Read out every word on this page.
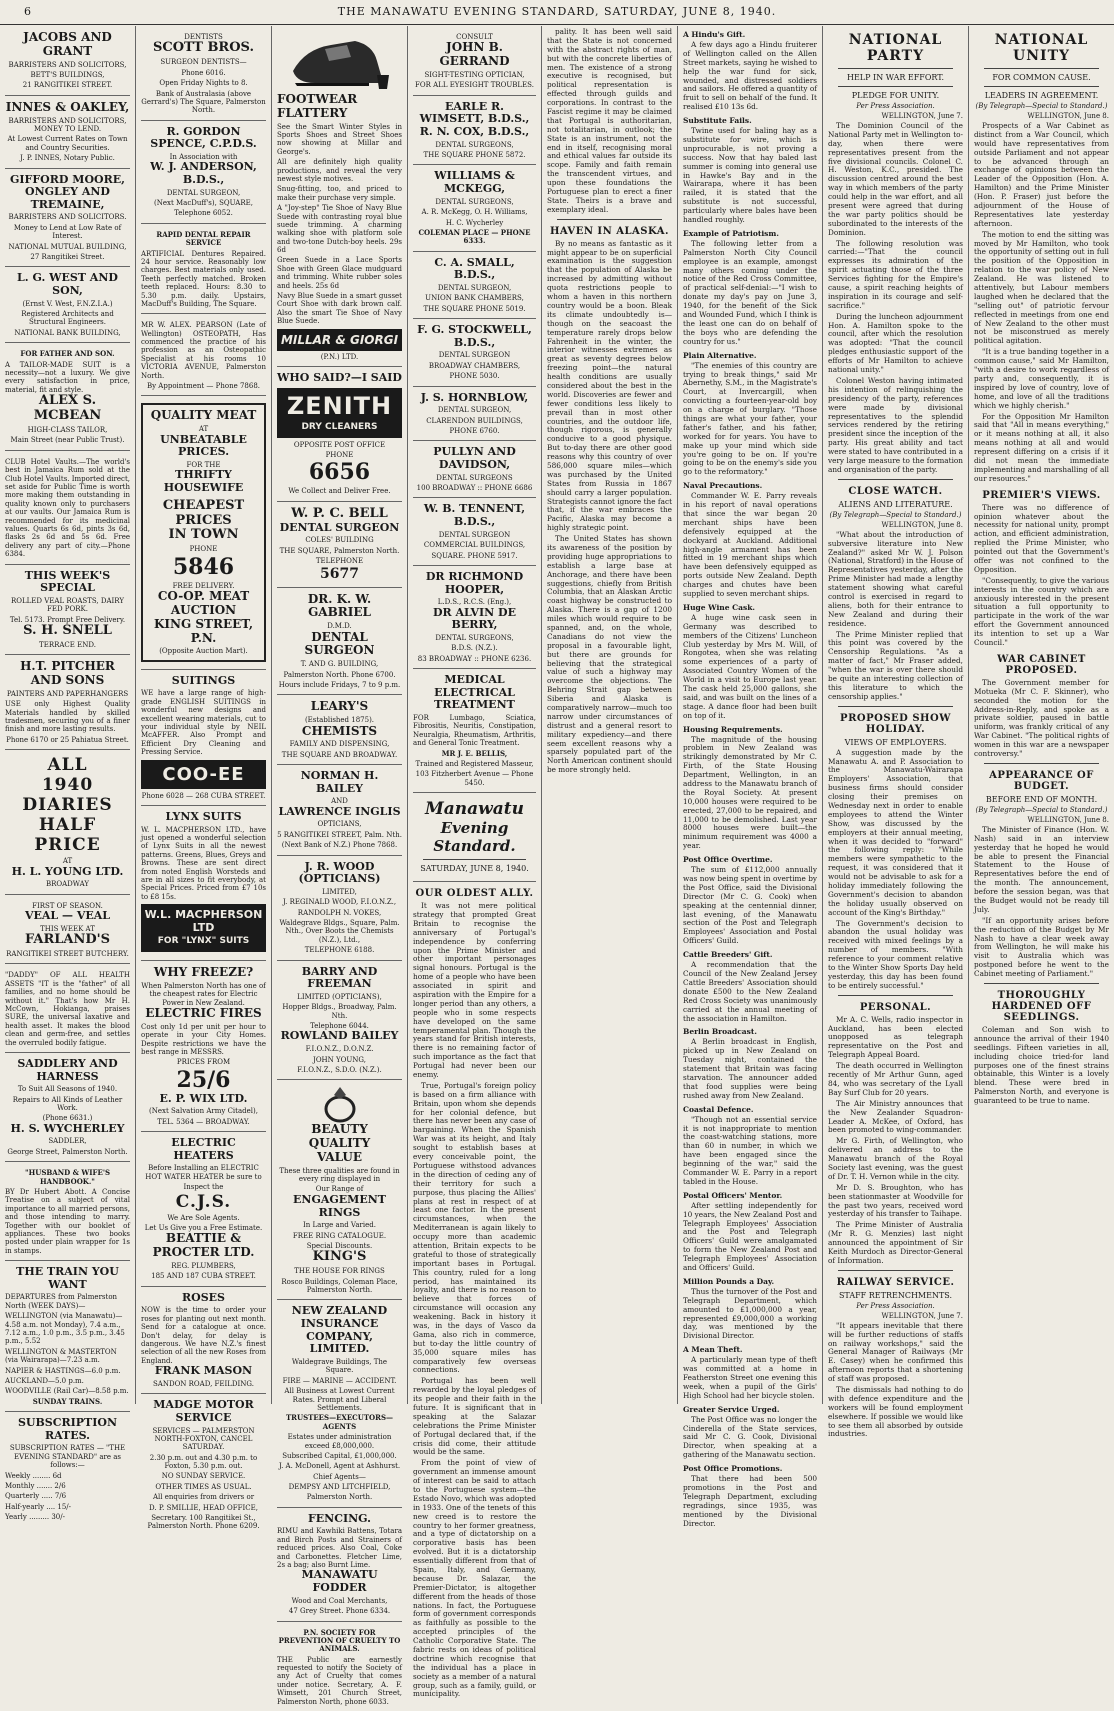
6	THE MANAWATU EVENING STANDARD, SATURDAY, JUNE 8, 1940.
JACOBS AND GRANT
BARRISTERS AND SOLICITORS,
BETT'S BUILDINGS,
21 RANGITIKEI STREET.
INNES & OAKLEY,
BARRISTERS AND SOLICITORS, MONEY TO LEND.
At Lowest Current Rates on Town and Country Securities.
J. P. INNES, Notary Public.
GIFFORD MOORE, ONGLEY AND TREMAINE,
BARRISTERS AND SOLICITORS.
Money to Lend at Low Rate of Interest.
NATIONAL MUTUAL BUILDING,
27 Rangitikei Street.
L. G. WEST AND SON,
(Ernst V. West, F.N.Z.I.A.)
Registered Architects and Structural Engineers.
NATIONAL BANK BUILDING,
FOR FATHER AND SON.
A TAILOR-MADE SUIT is a necessity—not a luxury. We give every satisfaction in price, material, fit and style.
ALEX S. MCBEAN
HIGH-CLASS TAILOR,
Main Street (near Public Trust).
CLUB Hotel Vaults.—The world's best in Jamaica Rum sold at the Club Hotel Vaults. Imported direct, set aside for Public Time is worth more making them outstanding in quality known only to purchasers at our vaults. Our Jamaica Rum is recommended for its medicinal values. Quarts 6s 6d, pints 3s 6d, flasks 2s 6d and 5s 6d. Free delivery any part of city.—Phone 6384.
THIS WEEK'S SPECIAL
ROLLED VEAL ROASTS, DAIRY FED PORK.
Tel. 5173. Prompt Free Delivery.
S. H. SNELL
TERRACE END.
H.T. PITCHER AND SONS
PAINTERS AND PAPERHANGERS
USE only Highest Quality Materials handled by skilled tradesmen, securing you of a finer finish and more lasting results.
Phone 6170 or 25 Pahiatua Street.
ALL
1940
DIARIES
HALF
PRICE
AT
H. L. YOUNG LTD.
BROADWAY
FIRST OF SEASON.
VEAL — VEAL
THIS WEEK AT
FARLAND'S
RANGITIKEI STREET BUTCHERY.
"DADDY" OF ALL HEALTH ASSETS "IT is the "father" of all families, and no home should be without it." That's how Mr H. McCown, Hokianga, praises SURE, the universal laxative and health asset. It makes the blood clean and germ-free, and settles the overruled bodily fatigue.
SADDLERY AND HARNESS
To Suit All Seasons of 1940.
Repairs to All Kinds of Leather Work.
(Phone 6631.)
H. S. WYCHERLEY
SADDLER,
George Street, Palmerston North.
"HUSBAND & WIFE'S HANDBOOK."
BY Dr Hubert Abott. A Concise Treatise on a subject of vital importance to all married persons, and those intending to marry. Together with our booklet of appliances. These two books posted under plain wrapper for 1s in stamps.
THE TRAIN YOU WANT
DEPARTURES from Palmerston North (WEEK DAYS)—
WELLINGTON (via Manawatu)—4.58 a.m. not Monday), 7.4 a.m., 7.12 a.m., 1.0 p.m., 3.5 p.m., 3.45 p.m., 5.52
WELLINGTON & MASTERTON (via Wairarapa)—7.23 a.m.
NAPIER & HASTINGS—6.0 p.m.
AUCKLAND—5.0 p.m.
WOODVILLE (Rail Car)—8.58 p.m.
SUNDAY TRAINS.
SUBSCRIPTION RATES.
SUBSCRIPTION RATES — "THE EVENING STANDARD" are as follows:—
Weekly ........ 6d
Monthly ....... 2/6
Quarterly ..... 7/6
Half-yearly .... 15/-
Yearly ......... 30/-
DENTISTS
SCOTT BROS.
SURGEON DENTISTS—
Phone 6016.
Open Friday Nights to 8.
Bank of Australasia (above Gerrard's) The Square, Palmerston North.
R. GORDON SPENCE, C.P.D.S.
In Association with
W. J. ANDERSON, B.D.S.,
DENTAL SURGEON,
(Next MacDuff's), SQUARE,
Telephone 6052.
RAPID DENTAL REPAIR SERVICE
ARTIFICIAL Dentures Repaired. 24 hour service. Reasonably low charges. Best materials only used. Teeth perfectly matched. Broken teeth replaced. Hours: 8.30 to 5.30 p.m. daily. Upstairs, MacDuff's Building, The Square.
MR W. ALEX. PEARSON (Late of Wellington) OSTEOPATH, Has commenced the practice of his profession as an Osteopathic Specialist at his rooms 10 VICTORIA AVENUE, Palmerston North.
By Appointment — Phone 7868.
QUALITY MEAT
AT
UNBEATABLE PRICES.
FOR THE
THRIFTY HOUSEWIFE
CHEAPEST
PRICES
IN TOWN
PHONE
5846
FREE DELIVERY.
CO-OP. MEAT AUCTION
KING STREET, P.N.
(Opposite Auction Mart).
SUITINGS
WE have a large range of high-grade ENGLISH SUITINGS in wonderful new designs and excellent wearing materials, cut to your individual style by NEIL McAFFER. Also Prompt and Efficient Dry Cleaning and Pressing Service.
COO-EE
Phone 6028 — 268 CUBA STREET.
LYNX SUITS
W. L. MACPHERSON LTD., have just opened a wonderful selection of Lynx Suits in all the newest patterns. Greens, Blues, Greys and Browns. These are sent direct from noted English Worsteds and are in all sizes to fit everybody, at Special Prices. Priced from £7 10s to £8 15s.
W.L. MACPHERSON LTD
FOR "LYNX" SUITS
WHY FREEZE?
When Palmerston North has one of the cheapest rates for Electric Power in New Zealand.
ELECTRIC FIRES
Cost only 1d per unit per hour to operate in your City Homes. Despite restrictions we have the best range in MESSRS.
PRICES FROM
25/6
E. P. WIX LTD.
(Next Salvation Army Citadel),
TEL. 5364 — BROADWAY.
ELECTRIC HEATERS
Before Installing an ELECTRIC HOT WATER HEATER be sure to
Inspect the
C.J.S.
We Are Sole Agents.
Let Us Give you a Free Estimate.
BEATTIE & PROCTER LTD.
REG. PLUMBERS,
185 AND 187 CUBA STREET.
ROSES
NOW is the time to order your roses for planting out next month. Send for a catalogue at once. Don't delay, for delay is dangerous. We have N.Z.'s finest selection of all the new Roses from England.
FRANK MASON
SANDON ROAD, FEILDING.
MADGE MOTOR SERVICE
SERVICES — PALMERSTON NORTH-FOXTON, CANCEL SATURDAY.
2.30 p.m. out and 4.30 p.m. to Foxton, 5.30 p.m. out.
NO SUNDAY SERVICE.
OTHER TIMES AS USUAL.
All enquiries from drivers or
D. P. SMILLIE, HEAD OFFICE,
Secretary. 100 Rangitikei St., Palmerston North. Phone 6209.
FOOTWEAR
FLATTERY
See the Smart Winter Styles in Sports Shoes and Street Shoes now showing at Millar and George's.
All are definitely high quality productions, and reveal the very newest style motives.
Snug-fitting, too, and priced to make their purchase very simple.
A "Joy-step" Tie Shoe of Navy Blue Suede with contrasting royal blue suede trimming. A charming walking shoe with platform sole and two-tone Dutch-boy heels. 29s 6d
Green Suede in a Lace Sports Shoe with Green Glace mudguard and trimming. White rubber soles and heels. 25s 6d
Navy Blue Suede in a smart gusset Court Shoe with dark brown calf. Also the smart Tie Shoe of Navy Blue Suede.
MILLAR & GIORGI
(P.N.) LTD.
WHO SAID?—I SAID
ZENITH
DRY CLEANERS
OPPOSITE POST OFFICE
PHONE
6656
We Collect and Deliver Free.
W. P. C. BELL
DENTAL SURGEON
COLES' BUILDING
THE SQUARE, Palmerston North.
TELEPHONE
5677
DR. K. W. GABRIEL
D.M.D.
DENTAL SURGEON
T. AND G. BUILDING,
Palmerston North. Phone 6700.
Hours include Fridays, 7 to 9 p.m.
LEARY'S
(Established 1875).
CHEMISTS
FAMILY AND DISPENSING,
THE SQUARE AND BROADWAY.
NORMAN H. BAILEY
AND
LAWRENCE INGLIS
OPTICIANS,
5 RANGITIKEI STREET, Palm. Nth.
(Next Bank of N.Z.) Phone 7868.
J. R. WOOD (OPTICIANS)
LIMITED,
J. REGINALD WOOD, F.I.O.N.Z.,
RANDOLPH N. VOKES,
Waldegrave Bldgs., Square, Palm. Nth., Over Boots the Chemists (N.Z.), Ltd.,
TELEPHONE 6188.
BARRY AND FREEMAN
LIMITED (OPTICIANS),
Hopper Bldgs., Broadway, Palm. Nth.
Telephone 6044.
ROWLAND BAILEY
F.I.O.N.Z., D.O.N.Z.
JOHN YOUNG,
F.I.O.N.Z., S.D.O. (N.Z.).
BEAUTY
QUALITY
VALUE
These three qualities are found in every ring displayed in
Our Range of
ENGAGEMENT RINGS
In Large and Varied.
FREE RING CATALOGUE.
Special Discounts.
KING'S
THE HOUSE FOR RINGS
Rosco Buildings, Coleman Place, Palmerston North.
NEW ZEALAND INSURANCE COMPANY, LIMITED.
Waldegrave Buildings, The Square.
FIRE — MARINE — ACCIDENT.
All Business at Lowest Current Rates. Prompt and Liberal Settlements.
TRUSTEES—EXECUTORS—AGENTS
Estates under administration exceed £8,000,000.
Subscribed Capital, £1,000,000.
J. A. McDonell, Agent at Ashhurst.
Chief Agents—
DEMPSY AND LITCHFIELD,
Palmerston North.
FENCING.
RIMU and Kawhiki Battens, Totara and Birch Posts and Strainers of reduced prices. Also Coal, Coke and Carbonettes. Fletcher Lime, 2s a bag; also Burnt Lime.
MANAWATU FODDER
Wood and Coal Merchants,
47 Grey Street. Phone 6334.
P.N. SOCIETY FOR PREVENTION OF CRUELTY TO ANIMALS.
THE Public are earnestly requested to notify the Society of any Act of Cruelty that comes under notice. Secretary, A. F. Wimsett, 201 Church Street, Palmerston North, phone 6033.
CONSULT
JOHN B. GERRAND
SIGHT-TESTING OPTICIAN,
FOR ALL EYESIGHT TROUBLES.
EARLE R. WIMSETT, B.D.S.,
R. N. COX, B.D.S.,
DENTAL SURGEONS,
THE SQUARE PHONE 5872.
WILLIAMS & MCKEGG,
DENTAL SURGEONS,
A. R. McKegg, O. H. Williams,
H. C. Wycherley
COLEMAN PLACE — PHONE 6333.
C. A. SMALL, B.D.S.,
DENTAL SURGEON,
UNION BANK CHAMBERS,
THE SQUARE PHONE 5019.
F. G. STOCKWELL, B.D.S.,
DENTAL SURGEON
BROADWAY CHAMBERS,
PHONE 5030.
J. S. HORNBLOW,
DENTAL SURGEON,
CLARENDON BUILDINGS,
PHONE 6760.
PULLYN AND DAVIDSON,
DENTAL SURGEONS
100 BROADWAY :: PHONE 6686
W. B. TENNENT, B.D.S.,
DENTAL SURGEON
COMMERCIAL BUILDINGS,
SQUARE. PHONE 5917.
DR RICHMOND HOOPER,
L.D.S., R.C.S. (Eng.),
DR ALVIN DE BERRY,
DENTAL SURGEONS,
B.D.S. (N.Z.).
83 BROADWAY :: PHONE 6236.
MEDICAL ELECTRICAL TREATMENT
FOR Lumbago, Sciatica, Fibrositis, Neuritis, Constipation, Neuralgia, Rheumatism, Arthritis, and General Tonic Treatment.
MR J. E. BELLIS,
Trained and Registered Masseur,
103 Fitzherbert Avenue — Phone 5450.
Manawatu
Evening Standard.
SATURDAY, JUNE 8, 1940.
OUR OLDEST ALLY.
It was not mere political strategy that prompted Great Britain to recognise the anniversary of Portugal's independence by conferring upon the Prime Minister and other important personages signal honours. Portugal is the home of a people who have been associated in spirit and aspiration with the Empire for a longer period than any others, a people who in some respects have developed on the same temperamental plan. Though the years stand for British interests, there is no remaining factor of such importance as the fact that Portugal had never been our enemy.
True, Portugal's foreign policy is based on a firm alliance with Britain, upon whom she depends for her colonial defence, but there has never been any case of bargaining. When the Spanish War was at its height, and Italy sought to establish bases at every conceivable point, the Portuguese withstood advances in the direction of ceding any of their territory for such a purpose, thus placing the Allies' plans at rest in respect of at least one factor. In the present circumstances, when the Mediterranean is again likely to occupy more than academic attention, Britain expects to be grateful to those of strategically important bases in Portugal. This country, ruled for a long period, has maintained its loyalty, and there is no reason to believe that forces of circumstance will occasion any weakening. Back in history it was, in the days of Vasco da Gama, also rich in commerce, but to-day the little country of 35,000 square miles has comparatively few overseas connections.
Portugal has been well rewarded by the loyal pledges of its people and their faith in the future. It is significant that in speaking at the Salazar celebrations the Prime Minister of Portugal declared that, if the crisis did come, their attitude would be the same.
From the point of view of government an immense amount of interest can be said to attach to the Portuguese system—the Estado Novo, which was adopted in 1933. One of the tenets of this new creed is to restore the country to her former greatness, and a type of dictatorship on a corporative basis has been evolved. But it is a dictatorship essentially different from that of Spain, Italy, and Germany, because Dr. Salazar, the Premier-Dictator, is altogether different from the heads of those nations. In fact, the Portuguese form of government corresponds as faithfully as possible to the accepted principles of the Catholic Corporative State. The fabric rests on ideas of political doctrine which recognise that the individual has a place in society as a member of a natural group, such as a family, guild, or municipality.
pality. It has been well said that the State is not concerned with the abstract rights of man, but with the concrete liberties of men. The existence of a strong executive is recognised, but political representation is effected through guilds and corporations. In contrast to the Fascist regime it may be claimed that Portugal is authoritarian, not totalitarian, in outlook; the State is an instrument, not the end in itself, recognising moral and ethical values far outside its scope. Family and faith remain the transcendent virtues, and upon these foundations the Portuguese plan to erect a finer State. Theirs is a brave and exemplary ideal.
HAVEN IN ALASKA.
By no means as fantastic as it might appear to be on superficial examination is the suggestion that the population of Alaska be increased by admitting without quota restrictions people to whom a haven in this northern country would be a boon. Bleak its climate undoubtedly is—though on the seacoast the temperature rarely drops below Fahrenheit in the winter, the interior witnesses extremes as great as seventy degrees below freezing point—the natural health conditions are usually considered about the best in the world. Discoveries are fewer and fewer conditions less likely to prevail than in most other countries, and the outdoor life, though rigorous, is generally conducive to a good physique. But to-day there are other good reasons why this country of over 586,000 square miles—which was purchased by the United States from Russia in 1867 should carry a larger population. Strategists cannot ignore the fact that, if the war embraces the Pacific, Alaska may become a highly strategic point.
The United States has shown its awareness of the position by providing huge appropriations to establish a large base at Anchorage, and there have been suggestions, chiefly from British Columbia, that an Alaskan Arctic coast highway be constructed to Alaska. There is a gap of 1200 miles which would require to be spanned, and, on the whole, Canadians do not view the proposal in a favourable light, but there are grounds for believing that the strategical value of such a highway may overcome the objections. The Behring Strait gap between Siberia and Alaska is comparatively narrow—much too narrow under circumstances of distrust and a general resort to military expediency—and there seem excellent reasons why a sparsely populated part of the North American continent should be more strongly held.
A Hindu's Gift.
A few days ago a Hindu fruiterer of Wellington called on the Allen Street markets, saying he wished to help the war fund for sick, wounded, and distressed soldiers and sailors. He offered a quantity of fruit to sell on behalf of the fund. It realised £10 13s 6d.
Substitute Fails.
Twine used for baling hay as a substitute for wire, which is unprocurable, is not proving a success. Now that hay baled last summer is coming into general use in Hawke's Bay and in the Wairarapa, where it has been railed, it is stated that the substitute is not successful, particularly where bales have been handled roughly.
Example of Patriotism.
The following letter from a Palmerston North City Council employee is an example, amongst many others coming under the notice of the Red Cross Committee, of practical self-denial:—"I wish to donate my day's pay on June 3, 1940, for the benefit of the Sick and Wounded Fund, which I think is the least one can do on behalf of the boys who are defending the country for us."
Plain Alternative.
"The enemies of this country are trying to break things," said Mr Abernethy, S.M., in the Magistrate's Court, at Invercargill, when convicting a fourteen-year-old boy on a charge of burglary. "Those things are what your father, your father's father, and his father, worked for for years. You have to make up your mind which side you're going to be on. If you're going to be on the enemy's side you go to the reformatory."
Naval Precautions.
Commander W. E. Parry reveals in his report of naval operations that since the war began 20 merchant ships have been defensively equipped at the dockyard at Auckland. Additional high-angle armament has been fitted in 19 merchant ships which have been defensively equipped as ports outside New Zealand. Depth charges and chutes have been supplied to seven merchant ships.
Huge Wine Cask.
A huge wine cask seen in Germany was described to members of the Citizens' Luncheon Club yesterday by Mrs M. Will, of Rongotea, when she was relating some experiences of a party of Associated Country Women of the World in a visit to Europe last year. The cask held 25,000 gallons, she said, and was built on the lines of a stage. A dance floor had been built on top of it.
Housing Requirements.
The magnitude of the housing problem in New Zealand was strikingly demonstrated by Mr C. Firth, of the State Housing Department, Wellington, in an address to the Manawatu branch of the Royal Society. At present 10,000 houses were required to be erected, 27,000 to be repaired, and 11,000 to be demolished. Last year 8000 houses were built—the minimum requirement was 4000 a year.
Post Office Overtime.
The sum of £112,000 annually was now being spent in overtime by the Post Office, said the Divisional Director (Mr C. G. Cook) when speaking at the centennial dinner, last evening, of the Manawatu section of the Post and Telegraph Employees' Association and Postal Officers' Guild.
Cattle Breeders' Gift.
A recommendation that the Council of the New Zealand Jersey Cattle Breeders' Association should donate £500 to the New Zealand Red Cross Society was unanimously carried at the annual meeting of the association in Hamilton.
Berlin Broadcast.
A Berlin broadcast in English, picked up in New Zealand on Tuesday night, contained the statement that Britain was facing starvation. The announcer added that food supplies were being rushed away from New Zealand.
Coastal Defence.
"Though not an essential service it is not inappropriate to mention the coast-watching stations, more than 60 in number, in which we have been engaged since the beginning of the war," said the Commander W. E. Parry in a report tabled in the House.
Postal Officers' Mentor.
After settling independently for 10 years, the New Zealand Post and Telegraph Employees' Association and the Post and Telegraph Officers' Guild were amalgamated to form the New Zealand Post and Telegraph Employees' Association and Officers' Guild.
Million Pounds a Day.
Thus the turnover of the Post and Telegraph Department, which amounted to £1,000,000 a year, represented £9,000,000 a working day, was mentioned by the Divisional Director.
A Mean Theft.
A particularly mean type of theft was committed at a home in Featherston Street one evening this week, when a pupil of the Girls' High School had her bicycle stolen.
Greater Service Urged.
The Post Office was no longer the Cinderella of the State services, said Mr C. G. Cook, Divisional Director, when speaking at a gathering of the Manawatu section.
Post Office Promotions.
That there had been 500 promotions in the Post and Telegraph Department, excluding regradings, since 1935, was mentioned by the Divisional Director.
NATIONAL PARTY
HELP IN WAR EFFORT.
PLEDGE FOR UNITY.
Per Press Association.
WELLINGTON, June 7.
The Dominion Council of the National Party met in Wellington to-day, when there were representatives present from the five divisional councils. Colonel C. H. Weston, K.C., presided. The discussion centred around the best way in which members of the party could help in the war effort, and all present were agreed that during the war party politics should be subordinated to the interests of the Dominion.
The following resolution was carried:—"That the council expresses its admiration of the spirit actuating those of the three Services fighting for the Empire's cause, a spirit reaching heights of inspiration in its courage and self-sacrifice."
During the luncheon adjournment Hon. A. Hamilton spoke to the council, after which the resolution was adopted: "That the council pledges enthusiastic support of the efforts of Mr Hamilton to achieve national unity."
Colonel Weston having intimated his intention of relinquishing the presidency of the party, references were made by divisional representatives to the splendid services rendered by the retiring president since the inception of the party. His great ability and tact were stated to have contributed in a very large measure to the formation and organisation of the party.
CLOSE WATCH.
ALIENS AND LITERATURE.
(By Telegraph—Special to Standard.)
WELLINGTON, June 8.
"What about the introduction of subversive literature into New Zealand?" asked Mr W. J. Polson (National, Stratford) in the House of Representatives yesterday, after the Prime Minister had made a lengthy statement showing what careful control is exercised in regard to aliens, both for their entrance to New Zealand and during their residence.
The Prime Minister replied that this point was covered by the Censorship Regulations. "As a matter of fact," Mr Fraser added, "when the war is over there should be quite an interesting collection of this literature to which the censorship applies."
PROPOSED SHOW HOLIDAY.
VIEWS OF EMPLOYERS.
A suggestion made by the Manawatu A. and P. Association to the Manawatu-Wairarapa Employers' Association, that business firms should consider closing their premises on Wednesday next in order to enable employees to attend the Winter Show, was discussed by the employers at their annual meeting, when it was decided to "forward" the following reply: "While members were sympathetic to the request, it was considered that it would not be advisable to ask for a holiday immediately following the Government's decision to abandon the holiday usually observed on account of the King's Birthday."
The Government's decision to abandon the usual holiday was received with mixed feelings by a number of members. "With reference to your comment relative to the Winter Show Sports Day held yesterday, this day has been found to be entirely successful."
PERSONAL.
Mr A. C. Wells, radio inspector in Auckland, has been elected unopposed as telegraph representative on the Post and Telegraph Appeal Board.
The death occurred in Wellington recently of Mr Arthur Gunn, aged 84, who was secretary of the Lyall Bay Surf Club for 20 years.
The Air Ministry announces that the New Zealander Squadron-Leader A. McKee, of Oxford, has been promoted to wing-commander.
Mr G. Firth, of Wellington, who delivered an address to the Manawatu branch of the Royal Society last evening, was the guest of Dr. T. H. Vernon while in the city.
Mr D. S. Broughton, who has been stationmaster at Woodville for the past two years, received word yesterday of his transfer to Taihape.
The Prime Minister of Australia (Mr R. G. Menzies) last night announced the appointment of Sir Keith Murdoch as Director-General of Information.
RAILWAY SERVICE.
STAFF RETRENCHMENTS.
Per Press Association.
WELLINGTON, June 7.
"It appears inevitable that there will be further reductions of staffs on railway workshops," said the General Manager of Railways (Mr E. Casey) when he confirmed this afternoon reports that a shortening of staff was proposed.
The dismissals had nothing to do with defence expenditure and the workers will be found employment elsewhere. If possible we would like to see them all absorbed by outside industries.
NATIONAL UNITY
FOR COMMON CAUSE.
LEADERS IN AGREEMENT.
(By Telegraph—Special to Standard.)
WELLINGTON, June 8.
Prospects of a War Cabinet as distinct from a War Council, which would have representatives from outside Parliament and not appear to be advanced through an exchange of opinions between the Leader of the Opposition (Hon. A. Hamilton) and the Prime Minister (Hon. P. Fraser) just before the adjournment of the House of Representatives late yesterday afternoon.
The motion to end the sitting was moved by Mr Hamilton, who took the opportunity of setting out in full the position of the Opposition in relation to the war policy of New Zealand. He was listened to attentively, but Labour members laughed when he declared that the "selling out" of patriotic fervour reflected in meetings from one end of New Zealand to the other must not be misconstrued as merely political agitation.
"It is a true banding together in a common cause," said Mr Hamilton, "with a desire to work regardless of party and, consequently, it is inspired by love of country, love of home, and love of all the traditions which we highly cherish."
For the Opposition Mr Hamilton said that "All in means everything," or it means nothing at all, it also means nothing at all and would represent differing on a crisis if it did not mean the immediate implementing and marshalling of all our resources."
PREMIER'S VIEWS.
There was no difference of opinion whatever about the necessity for national unity, prompt action, and efficient administration, replied the Prime Minister, who pointed out that the Government's offer was not confined to the Opposition.
"Consequently, to give the various interests in the country which are anxiously interested in the present situation a full opportunity to participate in the work of the war effort the Government announced its intention to set up a War Council."
WAR CABINET PROPOSED.
The Government member for Motueka (Mr C. F. Skinner), who seconded the motion for the Address-in-Reply, and spoke as a private soldier, paused in battle uniform, was frankly critical of any War Cabinet. "The political rights of women in this war are a newspaper controversy."
APPEARANCE OF BUDGET.
BEFORE END OF MONTH.
(By Telegraph—Special to Standard.)
WELLINGTON, June 8.
The Minister of Finance (Hon. W. Nash) said in an interview yesterday that he hoped he would be able to present the Financial Statement to the House of Representatives before the end of the month. The announcement, before the session began, was that the Budget would not be ready till July.
"If an opportunity arises before the reduction of the Budget by Mr Nash to have a clear week away from Wellington, he will make his visit to Australia which was postponed before he went to the Cabinet meeting of Parliament."
THOROUGHLY HARDENED OFF SEEDLINGS.
Coleman and Son wish to announce the arrival of their 1940 seedlings. Fifteen varieties in all, including choice tried-for land purposes one of the finest strains obtainable, this Winter is a lovely blend. These were bred in Palmerston North, and everyone is guaranteed to be true to name.
